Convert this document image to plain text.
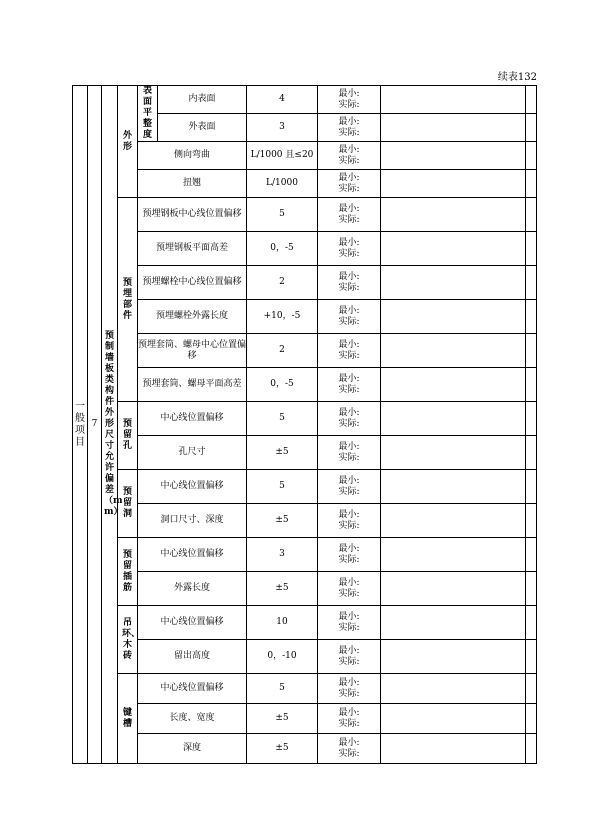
续表132
一般项目	7	预制墙板类构件外形尺寸允许偏差（mm）	外形	表面平整度	内表面	4	最小:
实际:		
					外表面	3	最小:
实际:		
				侧向弯曲		L/1000 且≤20	最小:
实际:		
				扭翘		L/1000	最小:
实际:		
			预埋部件	预埋钢板中心线位置偏移		5	最小:
实际:		
				预埋钢板平面高差		0，-5	最小:
实际:		
				预埋螺栓中心线位置偏移		2	最小:
实际:		
				预埋螺栓外露长度		+10，-5	最小:
实际:		
				预埋套筒、螺母中心位置偏移		2	最小:
实际:		
				预埋套筒、螺母平面高差		0，-5	最小:
实际:		
			预留孔	中心线位置偏移		5	最小:
实际:		
				孔尺寸		±5	最小:
实际:		
			预留洞	中心线位置偏移		5	最小:
实际:		
				洞口尺寸、深度		±5	最小:
实际:		
			预留插筋	中心线位置偏移		3	最小:
实际:		
				外露长度		±5	最小:
实际:		
			吊环、木砖	中心线位置偏移		10	最小:
实际:		
				留出高度		0，-10	最小:
实际:		
			键槽	中心线位置偏移		5	最小:
实际:		
				长度、宽度		±5	最小:
实际:		
				深度		±5	最小:
实际:		
